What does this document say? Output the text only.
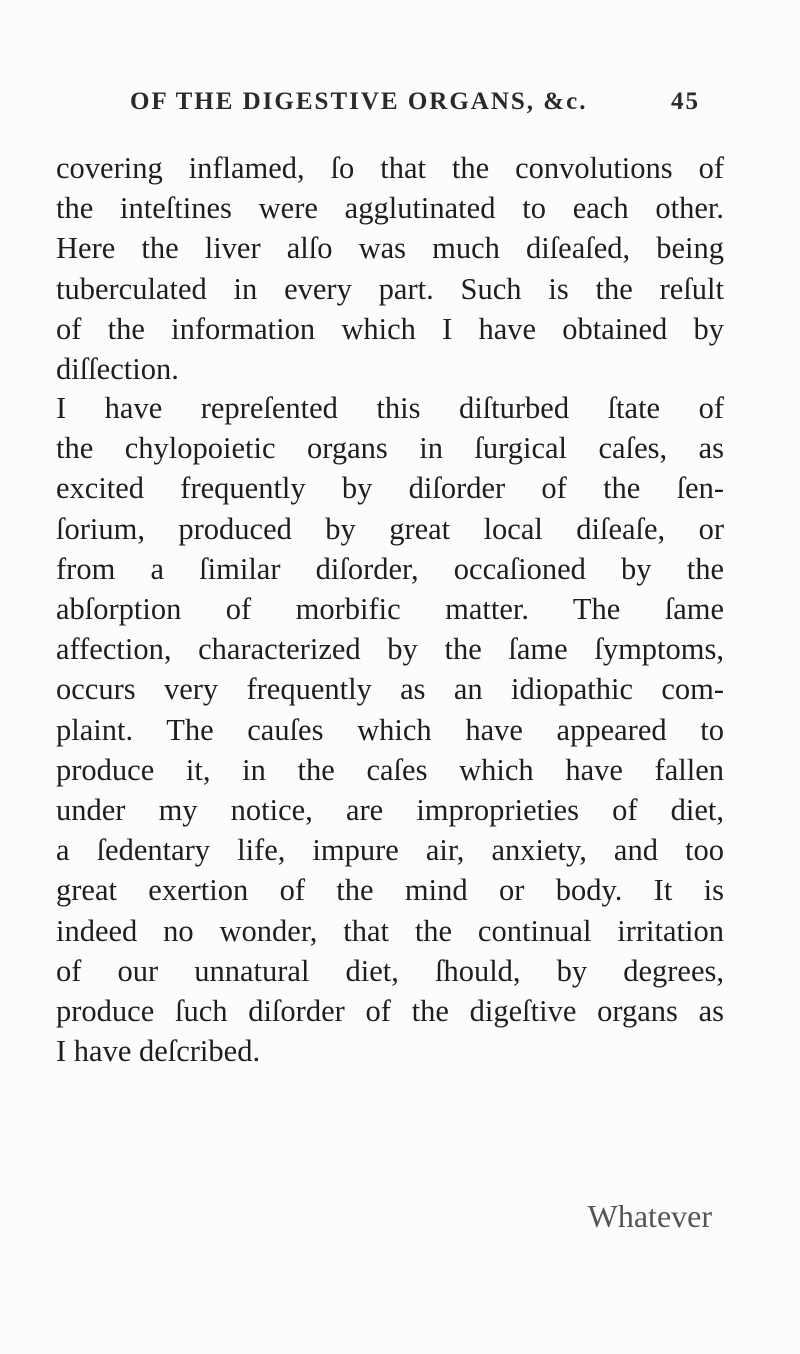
OF THE DIGESTIVE ORGANS, &c.	45
covering inflamed, ſo that the convolutions of
the inteſtines were agglutinated to each other.
Here the liver alſo was much diſeaſed, being
tuberculated in every part. Such is the reſult
of the information which I have obtained by
diſſection.
I have repreſented this diſturbed ſtate of
the chylopoietic organs in ſurgical caſes, as
excited frequently by diſorder of the ſen-
ſorium, produced by great local diſeaſe, or
from a ſimilar diſorder, occaſioned by the
abſorption of morbific matter. The ſame
affection, characterized by the ſame ſymptoms,
occurs very frequently as an idiopathic com-
plaint. The cauſes which have appeared to
produce it, in the caſes which have fallen
under my notice, are improprieties of diet,
a ſedentary life, impure air, anxiety, and too
great exertion of the mind or body. It is
indeed no wonder, that the continual irritation
of our unnatural diet, ſhould, by degrees,
produce ſuch diſorder of the digeſtive organs as
I have deſcribed.
Whatever
